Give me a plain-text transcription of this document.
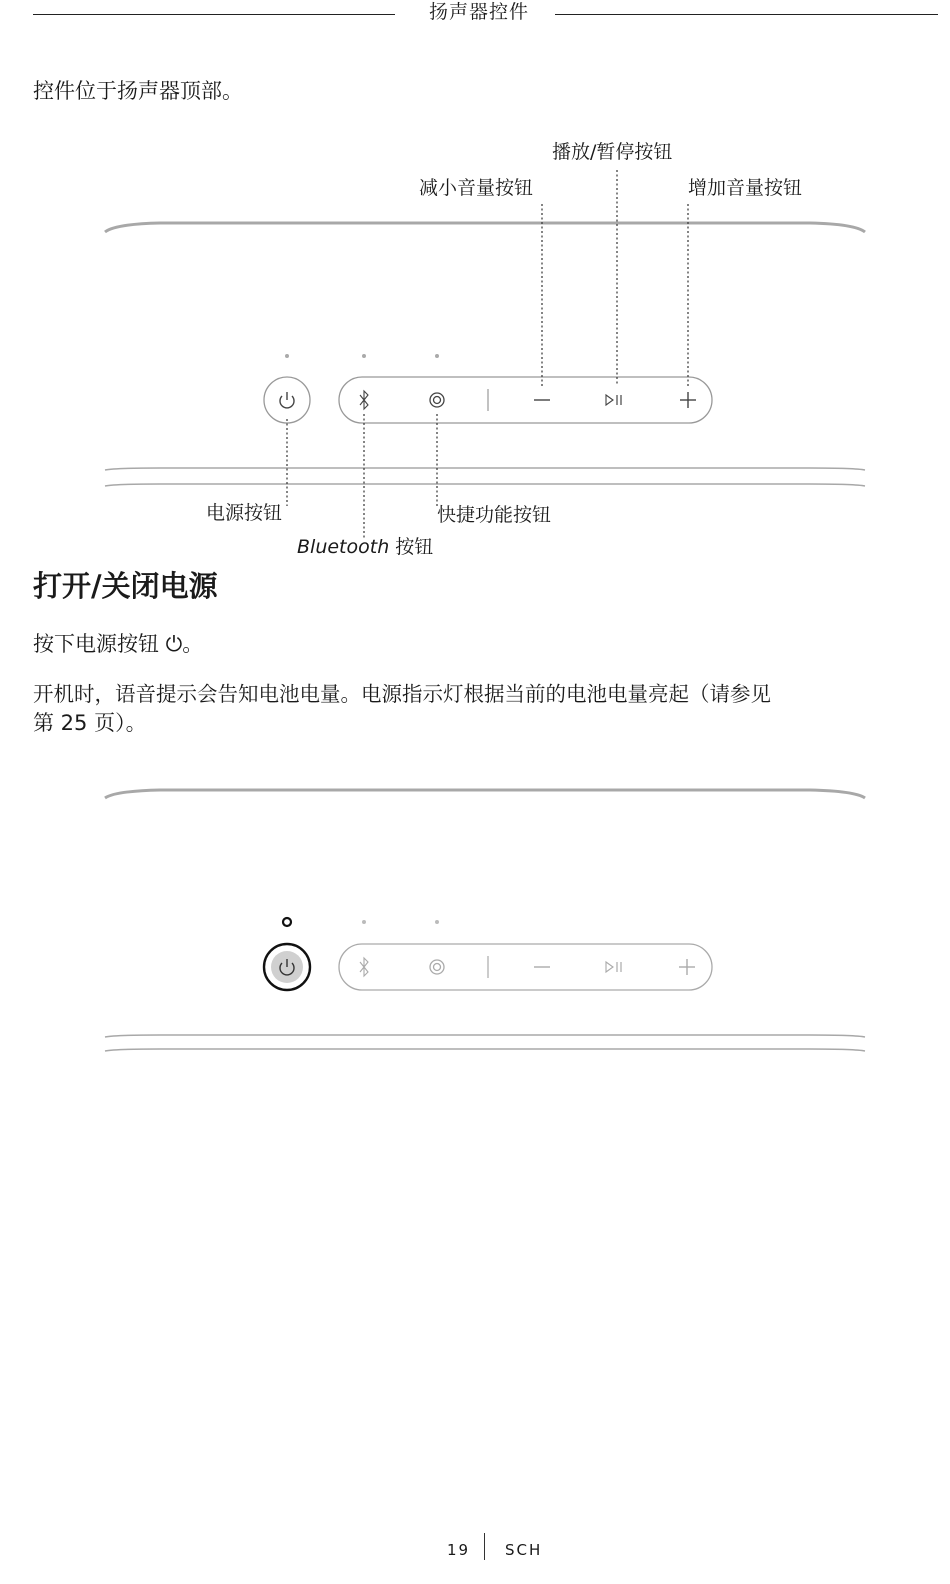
扬声器控件
控件位于扬声器顶部。
播放/暂停按钮
减小音量按钮	增加音量按钮
电源按钮	快捷功能按钮
Bluetooth 按钮
打开/关闭电源
按下电源按钮 ⏻。
开机时，语音提示会告知电池电量。电源指示灯根据当前的电池电量亮起（请参见
第 25 页）。
19 SCH
